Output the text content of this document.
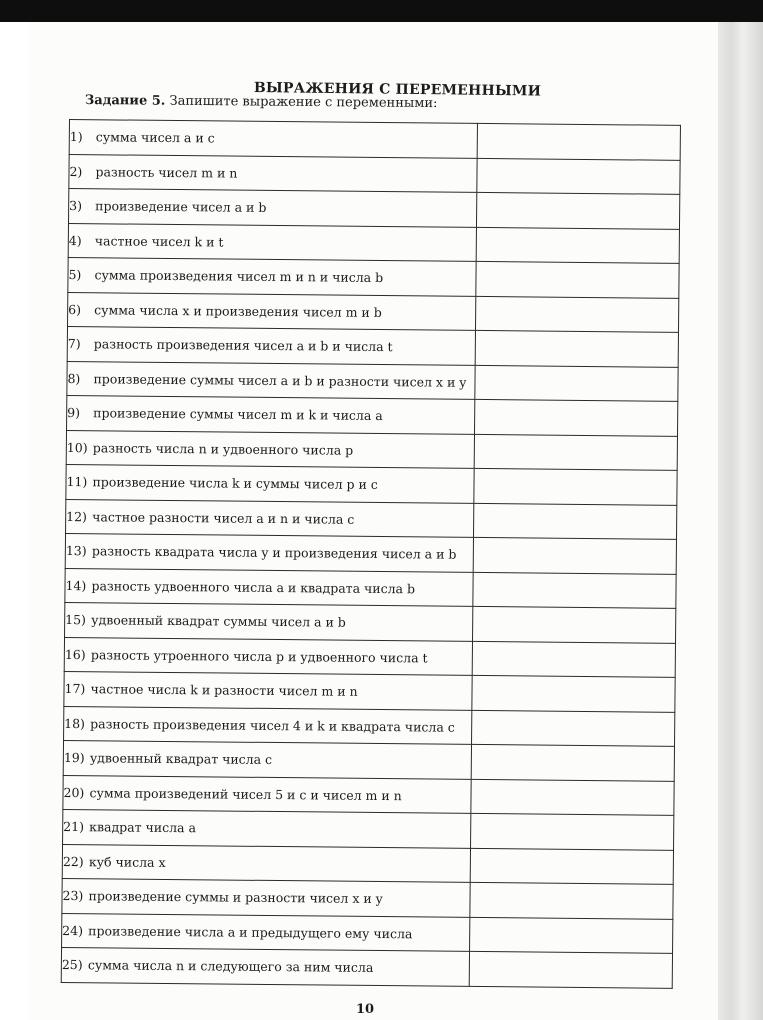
ВЫРАЖЕНИЯ С ПЕРЕМЕННЫМИ

Задание 5. Запишите выражение с переменными:

1) сумма чисел a и c	
2) разность чисел m и n	
3) произведение чисел a и b	
4) частное чисел k и t	
5) сумма произведения чисел m и n и числа b	
6) сумма числа x и произведения чисел m и b	
7) разность произведения чисел a и b и числа t	
8) произведение суммы чисел a и b и разности чисел x и y	
9) произведение суммы чисел m и k и числа a	
10) разность числа n и удвоенного числа p	
11) произведение числа k и суммы чисел p и c	
12) частное разности чисел a и n и числа c	
13) разность квадрата числа y и произведения чисел a и b	
14) разность удвоенного числа a и квадрата числа b	
15) удвоенный квадрат суммы чисел a и b	
16) разность утроенного числа p и удвоенного числа t	
17) частное числа k и разности чисел m и n	
18) разность произведения чисел 4 и k и квадрата числа c	
19) удвоенный квадрат числа c	
20) сумма произведений чисел 5 и c и чисел m и n	
21) квадрат числа a	
22) куб числа x	
23) произведение суммы и разности чисел x и y	
24) произведение числа a и предыдущего ему числа	
25) сумма числа n и следующего за ним числа	
10
